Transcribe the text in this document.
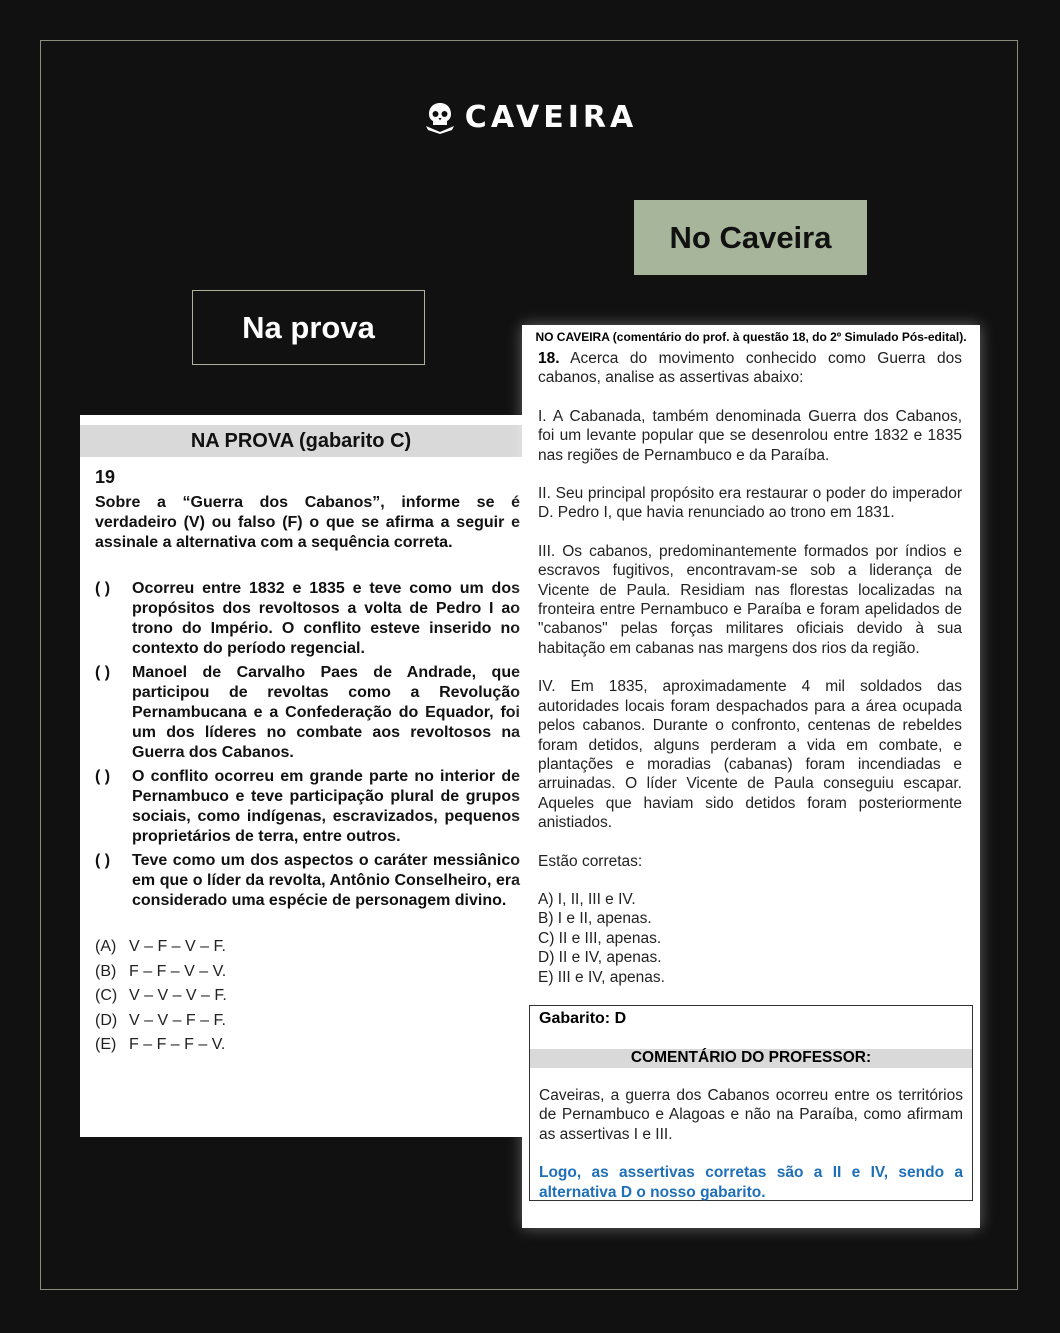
CAVEIRA
No Caveira
Na prova
NA PROVA (gabarito C)
19
Sobre a “Guerra dos Cabanos”, informe se é verdadeiro (V) ou falso (F) o que se afirma a seguir e assinale a alternativa com a sequência correta.
( )	Ocorreu entre 1832 e 1835 e teve como um dos propósitos dos revoltosos a volta de Pedro I ao trono do Império. O conflito esteve inserido no contexto do período regencial.
( )	Manoel de Carvalho Paes de Andrade, que participou de revoltas como a Revolução Pernambucana e a Confederação do Equador, foi um dos líderes no combate aos revoltosos na Guerra dos Cabanos.
( )	O conflito ocorreu em grande parte no interior de Pernambuco e teve participação plural de grupos sociais, como indígenas, escravizados, pequenos proprietários de terra, entre outros.
( )	Teve como um dos aspectos o caráter messiânico em que o líder da revolta, Antônio Conselheiro, era considerado uma espécie de personagem divino.
(A) V – F – V – F.
(B) F – F – V – V.
(C) V – V – V – F.
(D) V – V – F – F.
(E) F – F – F – V.
NO CAVEIRA (comentário do prof. à questão 18, do 2º Simulado Pós-edital).
18. Acerca do movimento conhecido como Guerra dos cabanos, analise as assertivas abaixo:
I. A Cabanada, também denominada Guerra dos Cabanos, foi um levante popular que se desenrolou entre 1832 e 1835 nas regiões de Pernambuco e da Paraíba.
II. Seu principal propósito era restaurar o poder do imperador D. Pedro I, que havia renunciado ao trono em 1831.
III. Os cabanos, predominantemente formados por índios e escravos fugitivos, encontravam-se sob a liderança de Vicente de Paula. Residiam nas florestas localizadas na fronteira entre Pernambuco e Paraíba e foram apelidados de "cabanos" pelas forças militares oficiais devido à sua habitação em cabanas nas margens dos rios da região.
IV. Em 1835, aproximadamente 4 mil soldados das autoridades locais foram despachados para a área ocupada pelos cabanos. Durante o confronto, centenas de rebeldes foram detidos, alguns perderam a vida em combate, e plantações e moradias (cabanas) foram incendiadas e arruinadas. O líder Vicente de Paula conseguiu escapar. Aqueles que haviam sido detidos foram posteriormente anistiados.
Estão corretas:
A) I, II, III e IV.
B) I e II, apenas.
C) II e III, apenas.
D) II e IV, apenas.
E) III e IV, apenas.
Gabarito: D
COMENTÁRIO DO PROFESSOR:
Caveiras, a guerra dos Cabanos ocorreu entre os territórios de Pernambuco e Alagoas e não na Paraíba, como afirmam as assertivas I e III.
Logo, as assertivas corretas são a II e IV, sendo a alternativa D o nosso gabarito.
